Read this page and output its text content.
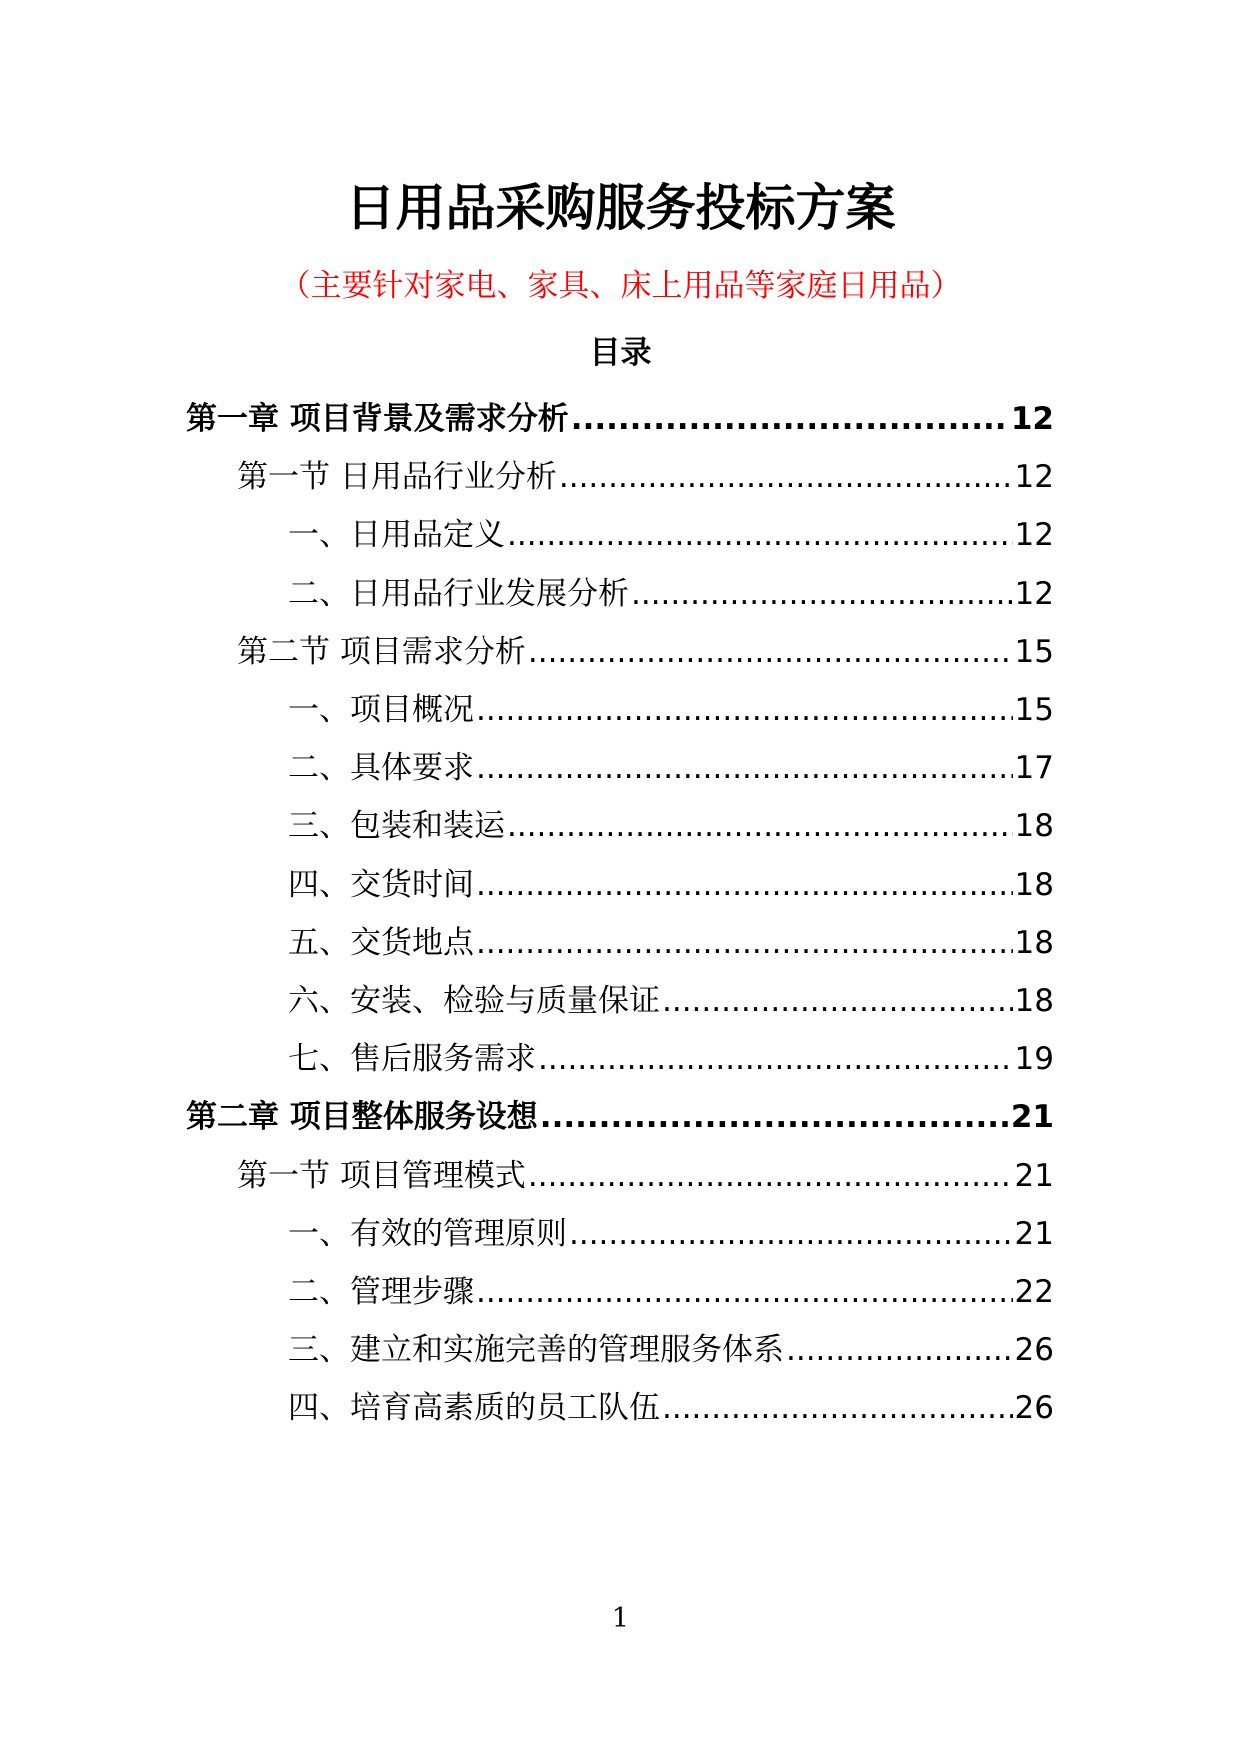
日用品采购服务投标方案
（主要针对家电、家具、床上用品等家庭日用品）
目录
第一章 项目背景及需求分析 .....	12
第一节 日用品行业分析 .....	12
一、日用品定义 .....	12
二、日用品行业发展分析 .....	12
第二节 项目需求分析 .....	15
一、项目概况 .....	15
二、具体要求 .....	17
三、包装和装运 .....	18
四、交货时间 .....	18
五、交货地点 .....	18
六、安装、检验与质量保证 .....	18
七、售后服务需求 .....	19
第二章 项目整体服务设想 .....	21
第一节 项目管理模式 .....	21
一、有效的管理原则 .....	21
二、管理步骤 .....	22
三、建立和实施完善的管理服务体系 .....	26
四、培育高素质的员工队伍 .....	26
1
